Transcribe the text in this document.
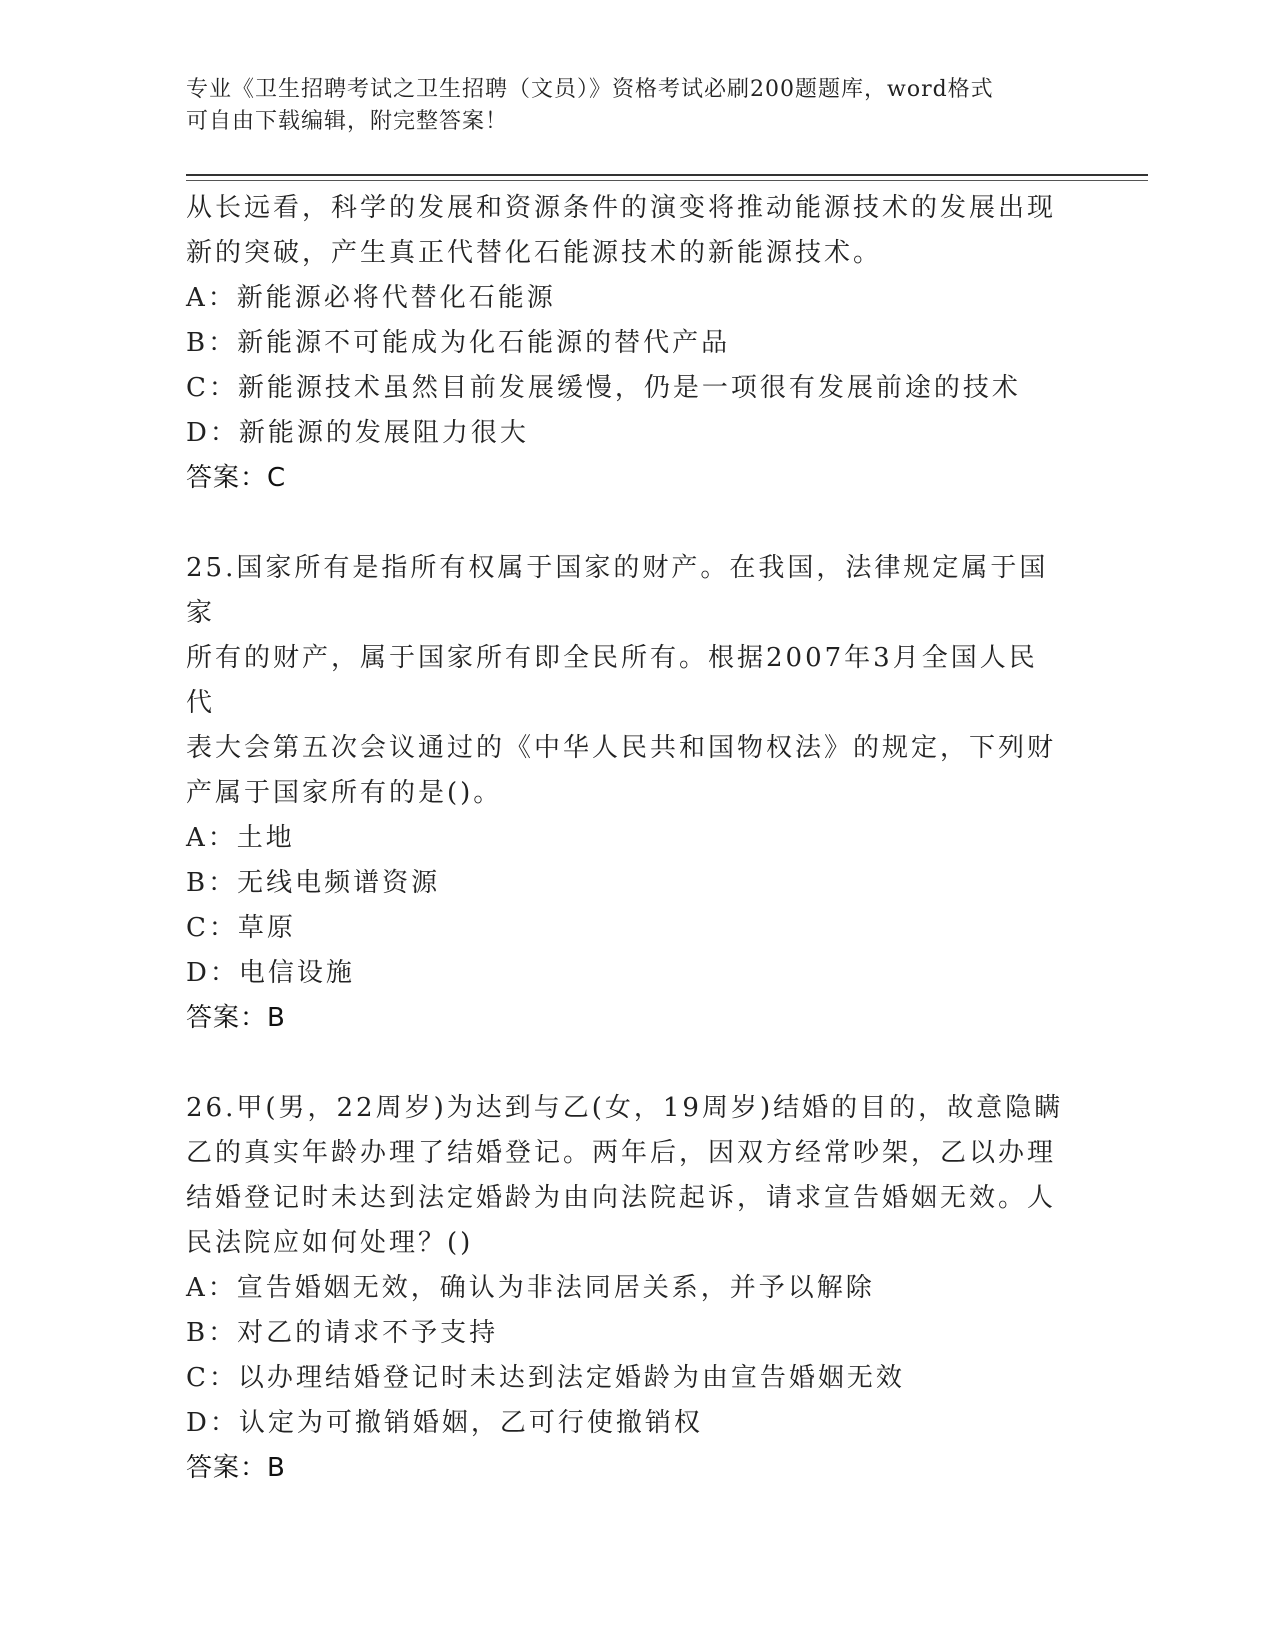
专业《卫生招聘考试之卫生招聘（文员）》资格考试必刷200题题库，word格式
可自由下载编辑，附完整答案！

从长远看，科学的发展和资源条件的演变将推动能源技术的发展出现

新的突破，产生真正代替化石能源技术的新能源技术。

A：新能源必将代替化石能源

B：新能源不可能成为化石能源的替代产品

C：新能源技术虽然目前发展缓慢，仍是一项很有发展前途的技术

D：新能源的发展阻力很大

答案：C

25.国家所有是指所有权属于国家的财产。在我国，法律规定属于国家

所有的财产，属于国家所有即全民所有。根据2007年3月全国人民代

表大会第五次会议通过的《中华人民共和国物权法》的规定，下列财

产属于国家所有的是()。

A：土地

B：无线电频谱资源

C：草原

D：电信设施

答案：B

26.甲(男，22周岁)为达到与乙(女，19周岁)结婚的目的，故意隐瞒

乙的真实年龄办理了结婚登记。两年后，因双方经常吵架，乙以办理

结婚登记时未达到法定婚龄为由向法院起诉，请求宣告婚姻无效。人

民法院应如何处理？()

A：宣告婚姻无效，确认为非法同居关系，并予以解除

B：对乙的请求不予支持

C：以办理结婚登记时未达到法定婚龄为由宣告婚姻无效

D：认定为可撤销婚姻，乙可行使撤销权

答案：B
